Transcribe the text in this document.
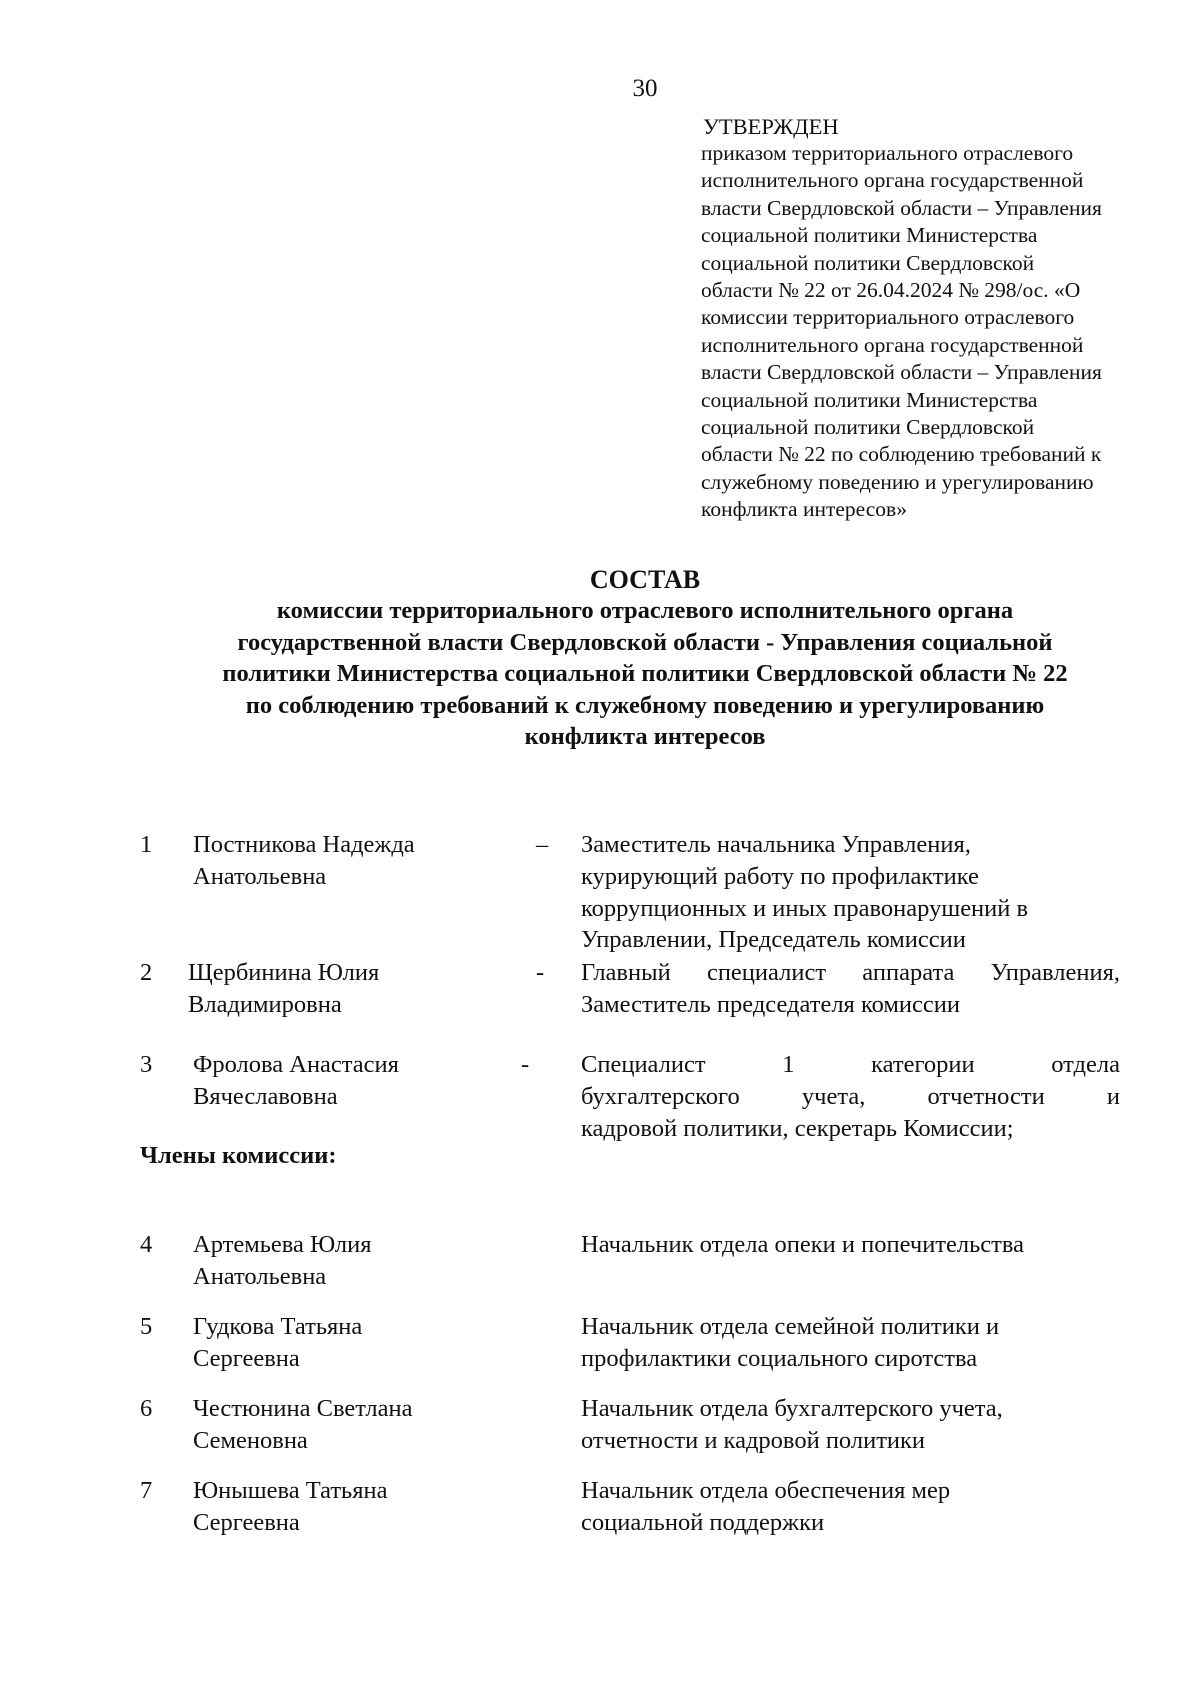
30
УТВЕРЖДЕН
приказом территориального отраслевого
исполнительного органа государственной
власти Свердловской области – Управления
социальной политики Министерства
социальной политики Свердловской
области № 22 от 26.04.2024 № 298/ос. «О
комиссии территориального отраслевого
исполнительного органа государственной
власти Свердловской области – Управления
социальной политики Министерства
социальной политики Свердловской
области № 22 по соблюдению требований к
служебному поведению и урегулированию
конфликта интересов»
СОСТАВ
комиссии территориального отраслевого исполнительного органа
государственной власти Свердловской области - Управления социальной
политики Министерства социальной политики Свердловской области № 22
по соблюдению требований к служебному поведению и урегулированию
конфликта интересов
1 Постникова Надежда
Анатольевна
– Заместитель начальника Управления,
курирующий работу по профилактике
коррупционных и иных правонарушений в
Управлении, Председатель комиссии
2 Щербинина Юлия
Владимировна
- Главный специалист аппарата Управления,
Заместитель председателя комиссии
3 Фролова Анастасия
Вячеславовна
- Специалист 1 категории отдела
бухгалтерского учета, отчетности и
кадровой политики, секретарь Комиссии;
Члены комиссии:
4 Артемьева Юлия
Анатольевна
Начальник отдела опеки и попечительства
5 Гудкова Татьяна
Сергеевна
Начальник отдела семейной политики и
профилактики социального сиротства
6 Честюнина Светлана
Семеновна
Начальник отдела бухгалтерского учета,
отчетности и кадровой политики
7 Юнышева Татьяна
Сергеевна
Начальник отдела обеспечения мер
социальной поддержки
